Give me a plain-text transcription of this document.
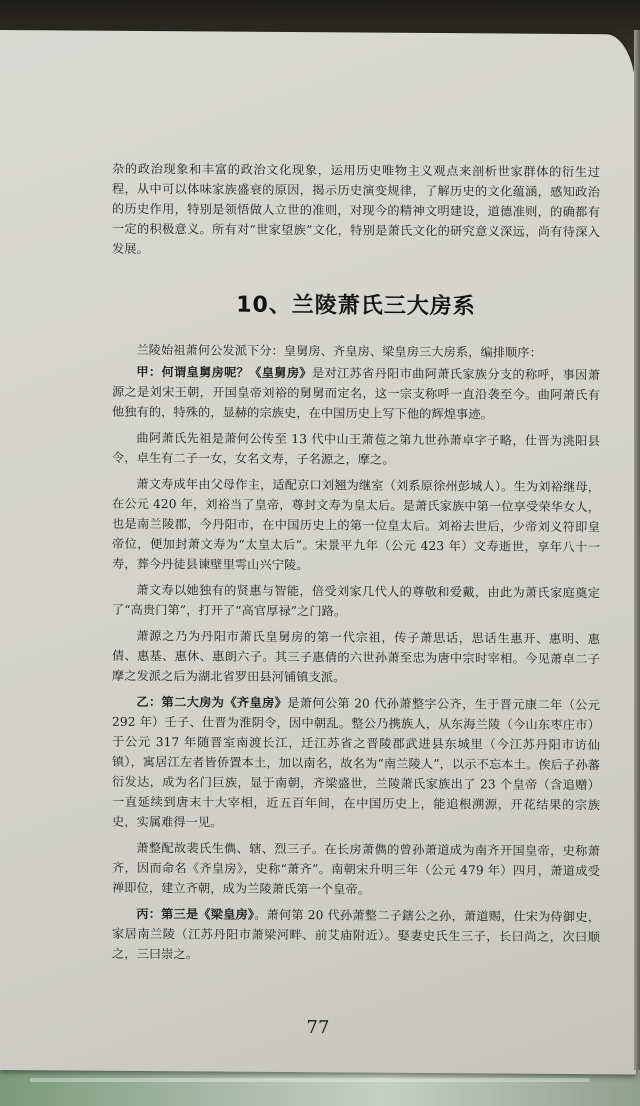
杂的政治现象和丰富的政治文化现象，运用历史唯物主义观点来剖析世家群体的衍生过程，从中可以体味家族盛衰的原因，揭示历史演变规律，了解历史的文化蕴涵，感知政治的历史作用，特别是领悟做人立世的准则，对现今的精神文明建设，道德准则，的确都有一定的积极意义。所有对“世家望族”文化，特别是萧氏文化的研究意义深远，尚有待深入发展。

10、兰陵萧氏三大房系

兰陵始祖萧何公发派下分：皇舅房、齐皇房、梁皇房三大房系，编排顺序：

甲：何谓皇舅房呢？《皇舅房》是对江苏省丹阳市曲阿萧氏家族分支的称呼，事因萧源之是刘宋王朝，开国皇帝刘裕的舅舅而定名，这一宗支称呼一直沿袭至今。曲阿萧氏有他独有的，特殊的，显赫的宗族史，在中国历史上写下他的辉煌事迹。

曲阿萧氏先祖是萧何公传至 13 代中山王萧苞之第九世孙萧卓字子略，仕晋为洮阳县令，卓生有二子一女，女名文寿，子名源之，摩之。

萧文寿成年由父母作主，适配京口刘翘为继室（刘系原徐州彭城人）。生为刘裕继母，在公元 420 年，刘裕当了皇帝，尊封文寿为皇太后。是萧氏家族中第一位享受荣华女人，也是南兰陵郡，今丹阳市，在中国历史上的第一位皇太后。刘裕去世后，少帝刘义符即皇帝位，便加封萧文寿为“太皇太后”。宋景平九年（公元 423 年）文寿逝世，享年八十一寿，葬今丹徒县谏壁里雩山兴宁陵。

萧文寿以她独有的贤惠与智能，倍受刘家几代人的尊敬和爱戴，由此为萧氏家庭奠定了“高贵门第”，打开了“高官厚禄”之门路。

萧源之乃为丹阳市萧氏皇舅房的第一代宗祖，传子萧思话，思话生惠开、惠明、惠倩、惠基、惠休、惠朗六子。其三子惠倩的六世孙萧至忠为唐中宗时宰相。今见萧卓二子摩之发派之后为湖北省罗田县河铺镇支派。

乙：第二大房为《齐皇房》是萧何公第 20 代孙萧整字公齐，生于晋元康二年（公元 292 年）壬子、仕晋为淮阴令，因中朝乱。整公乃携族人，从东海兰陵（今山东枣庄市）于公元 317 年随晋室南渡长江，迁江苏省之晋陵郡武进县东城里（今江苏丹阳市访仙镇），寓居江左者皆侨置本土，加以南名，故名为“南兰陵人”，以示不忘本土。俟后子孙蕃衍发达，成为名门巨族，显于南朝，齐梁盛世，兰陵萧氏家族出了 23 个皇帝（含追赠）一直延续到唐末十大宰相，近五百年间，在中国历史上，能追根溯源，开花结果的宗族史，实属难得一见。

萧整配故裴氏生儁、辖、烈三子。在长房萧儁的曾孙萧道成为南齐开国皇帝，史称萧齐，因而命名《齐皇房》，史称“萧齐”。南朝宋升明三年（公元 479 年）四月，萧道成受禅即位，建立齐朝，成为兰陵萧氏第一个皇帝。

丙：第三是《梁皇房》。萧何第 20 代孙萧整二子鎋公之孙，萧道赐，仕宋为侍御史，家居南兰陵（江苏丹阳市萧梁河畔、前艾庙附近）。娶妻史氏生三子，长曰尚之，次曰顺之，三曰崇之。

77
